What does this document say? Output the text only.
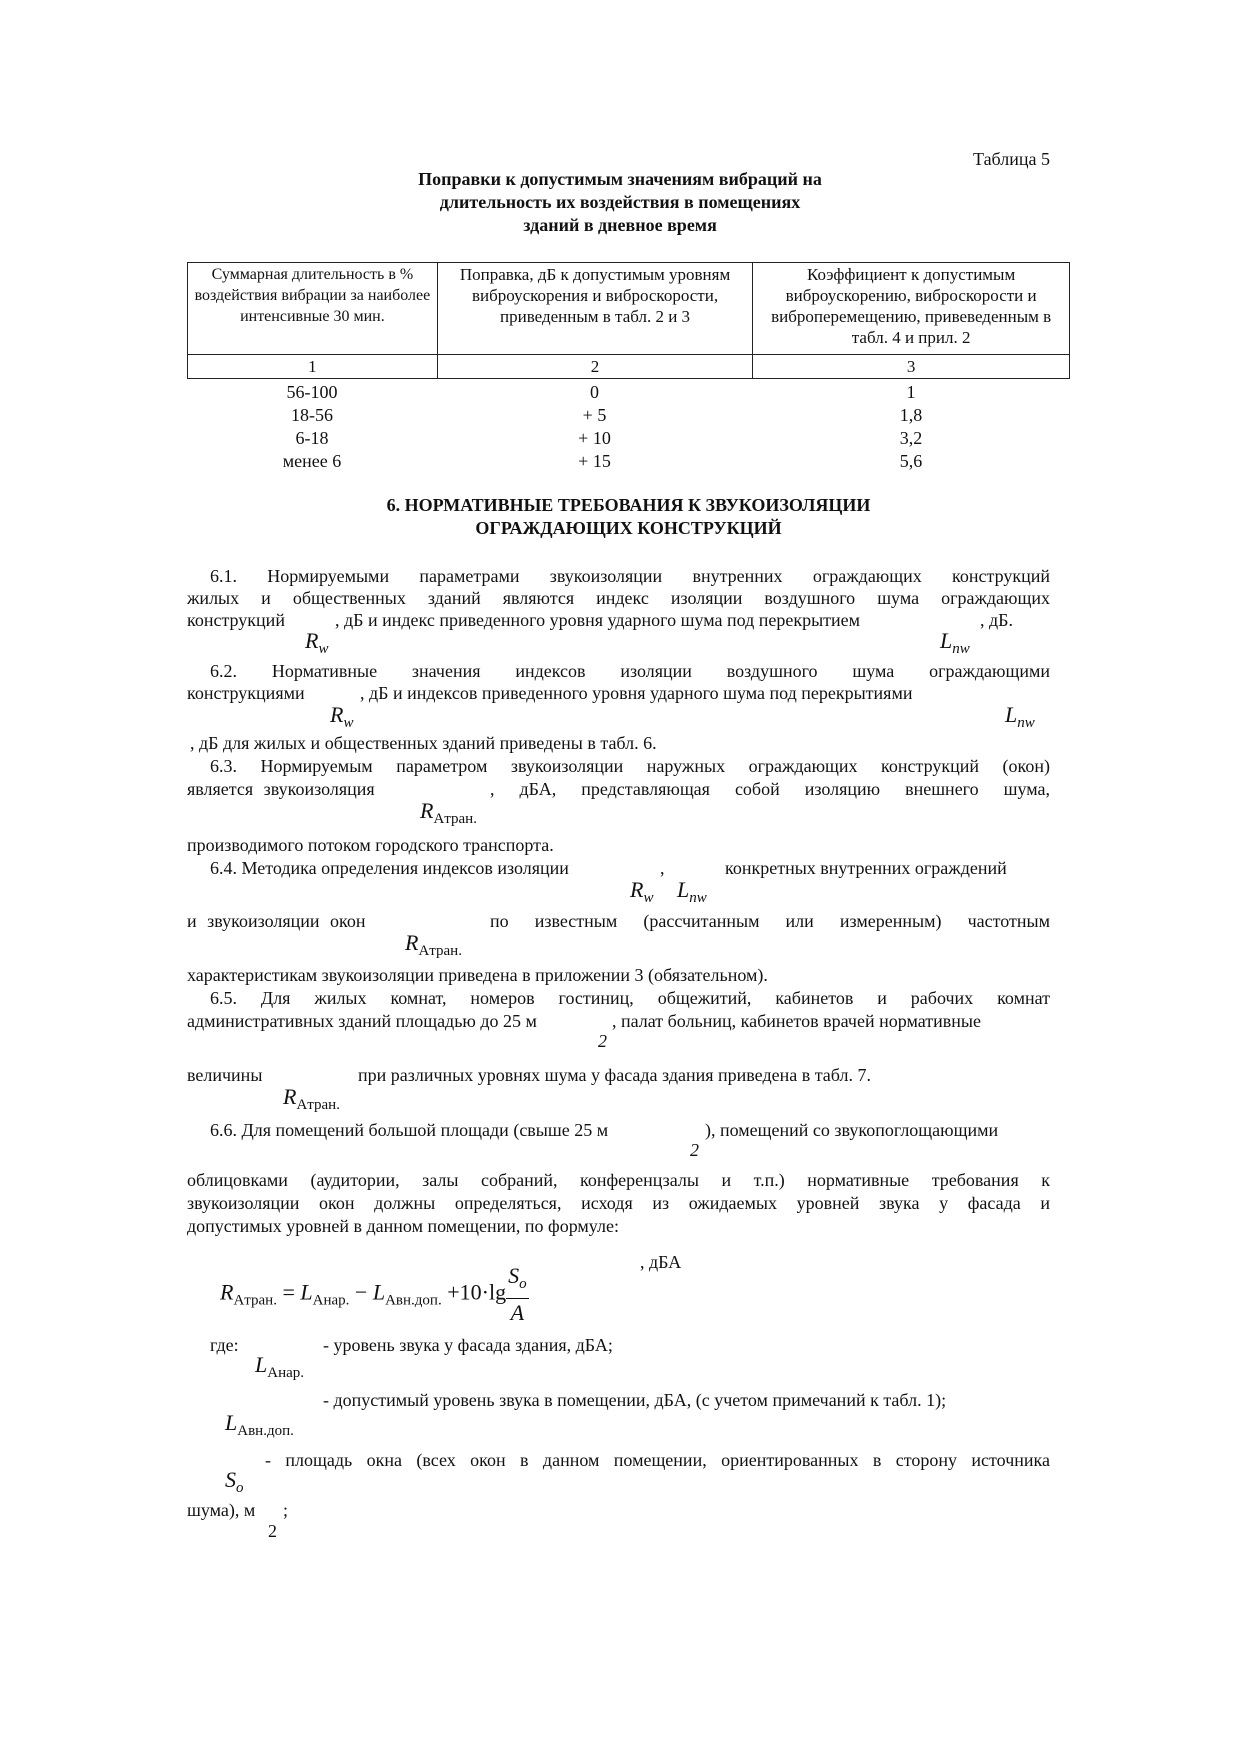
Таблица 5
Поправки к допустимым значениям вибраций на
длительность их воздействия в помещениях
зданий в дневное время
Суммарная длительность в % воздействия вибрации за наиболее интенсивные 30 мин.	Поправка, дБ к допустимым уровням виброускорения и виброскорости, приведенным в табл. 2 и 3	Коэффициент к допустимым виброускорению, виброскорости и виброперемещению, привеведенным в табл. 4 и прил. 2
1	2	3
56-100	0	1
18-56	+ 5	1,8
6-18	+ 10	3,2
менее 6	+ 15	5,6
6. НОРМАТИВНЫЕ ТРЕБОВАНИЯ К ЗВУКОИЗОЛЯЦИИ
ОГРАЖДАЮЩИХ КОНСТРУКЦИЙ
6.1. Нормируемыми параметрами звукоизоляции внутренних ограждающих конструкций
жилых и общественных зданий являются индекс изоляции воздушного шума ограждающих
конструкций	, дБ и индекс приведенного уровня ударного шума под перекрытием	, дБ.
$R_w$	$L_{nw}$
6.2. Нормативные значения индексов изоляции воздушного шума ограждающими
конструкциями	, дБ и индексов приведенного уровня ударного шума под перекрытиями
$R_w$	$L_{nw}$
, дБ для жилых и общественных зданий приведены в табл. 6.
6.3. Нормируемым параметром звукоизоляции наружных ограждающих конструкций (окон)
является звукоизоляция	, дБА, представляющая собой изоляцию внешнего шума,
$R_{Aтран.}$
производимого потоком городского транспорта.
6.4. Методика определения индексов изоляции	,	конкретных внутренних ограждений
$R_w$ $L_{nw}$
и звукоизоляции окон	по известным (рассчитанным или измеренным) частотным
$R_{Aтран.}$
характеристикам звукоизоляции приведена в приложении 3 (обязательном).
6.5. Для жилых комнат, номеров гостиниц, общежитий, кабинетов и рабочих комнат
административных зданий площадью до 25 м	, палат больниц, кабинетов врачей нормативные
2
величины	при различных уровнях шума у фасада здания приведена в табл. 7.
$R_{Aтран.}$
6.6. Для помещений большой площади (свыше 25 м	), помещений со звукопоглощающими
2
облицовками (аудитории, залы собраний, конференцзалы и т.п.) нормативные требования к
звукоизоляции окон должны определяться, исходя из ожидаемых уровней звука у фасада и
допустимых уровней в данном помещении, по формуле:
, дБА
$R_{Aтран.} = L_{Aнар.} - L_{Aвн.доп.} +10\cdot\lg \frac{S_o}{A}$
где:	- уровень звука у фасада здания, дБА;
$L_{Aнар.}$
- допустимый уровень звука в помещении, дБА, (с учетом примечаний к табл. 1);
$L_{Aвн.доп.}$
- площадь окна (всех окон в данном помещении, ориентированных в сторону источника
$S_o$
шума), м ;
2
